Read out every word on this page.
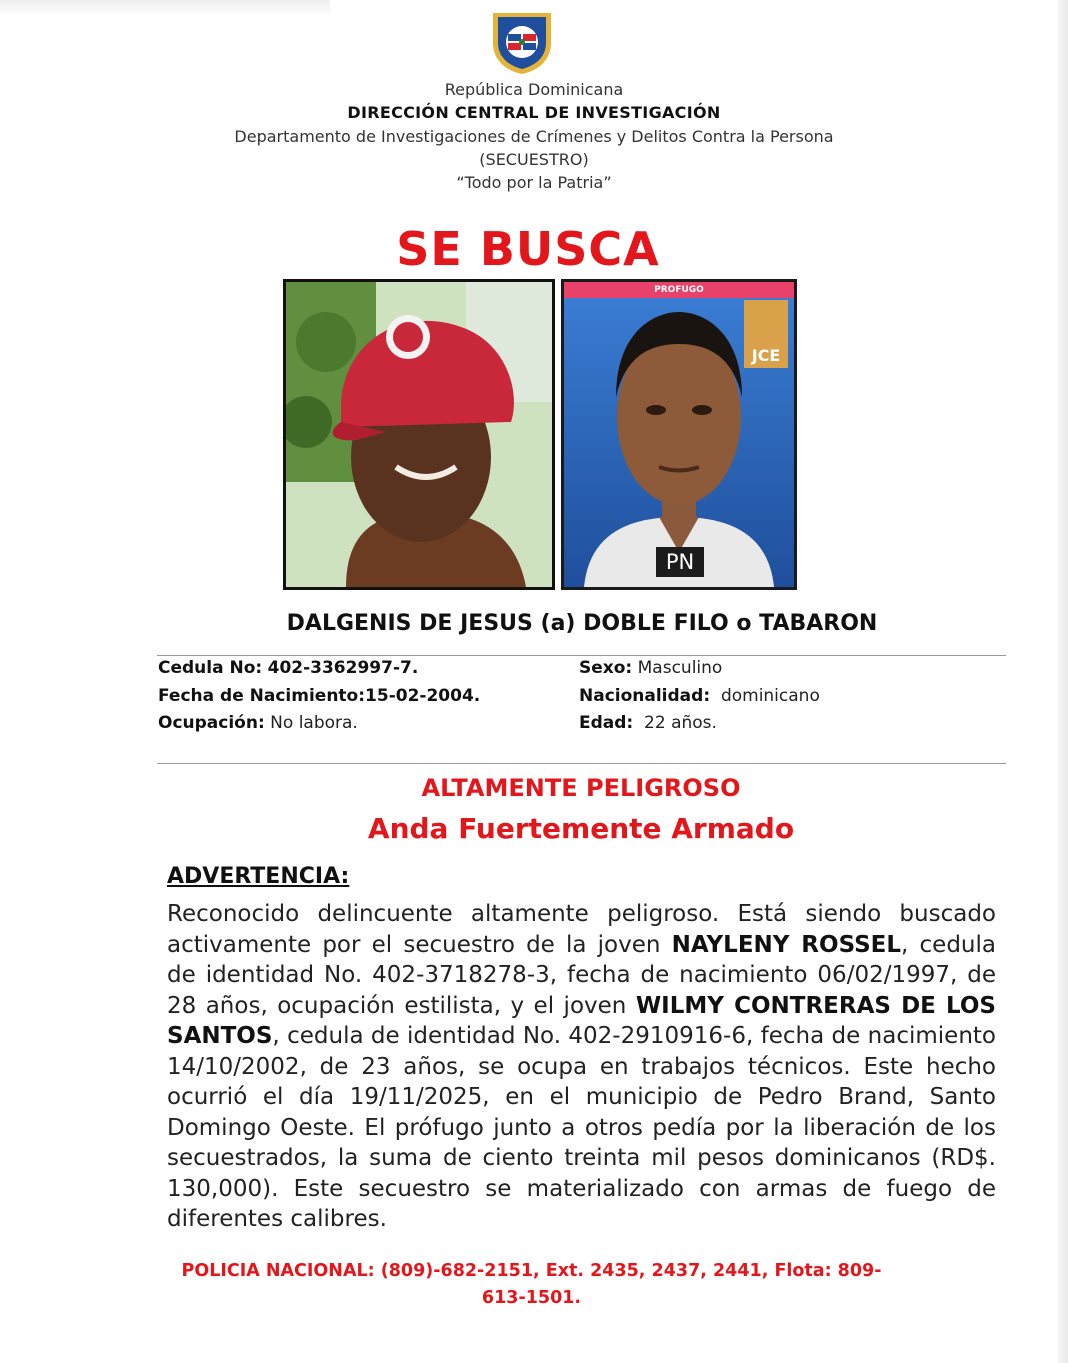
República Dominicana
DIRECCIÓN CENTRAL DE INVESTIGACIÓN
Departamento de Investigaciones de Crímenes y Delitos Contra la Persona
(SECUESTRO)
“Todo por la Patria”
SE BUSCA
PROFUGO
JCE
PN
DALGENIS DE JESUS (a) DOBLE FILO o TABARON
Cedula No: 402-3362997-7.
Fecha de Nacimiento:15-02-2004.
Ocupación: No labora.
Sexo: Masculino
Nacionalidad: dominicano
Edad: 22 años.
ALTAMENTE PELIGROSO
Anda Fuertemente Armado
ADVERTENCIA:
Reconocido delincuente altamente peligroso. Está siendo buscado activamente por el secuestro de la joven NAYLENY ROSSEL, cedula de identidad No. 402-3718278-3, fecha de nacimiento 06/02/1997, de 28 años, ocupación estilista, y el joven WILMY CONTRERAS DE LOS SANTOS, cedula de identidad No. 402-2910916-6, fecha de nacimiento 14/10/2002, de 23 años, se ocupa en trabajos técnicos. Este hecho ocurrió el día 19/11/2025, en el municipio de Pedro Brand, Santo Domingo Oeste. El prófugo junto a otros pedía por la liberación de los secuestrados, la suma de ciento treinta mil pesos dominicanos (RD$. 130,000). Este secuestro se materializado con armas de fuego de diferentes calibres.
POLICIA NACIONAL: (809)-682-2151, Ext. 2435, 2437, 2441, Flota: 809-613-1501.
